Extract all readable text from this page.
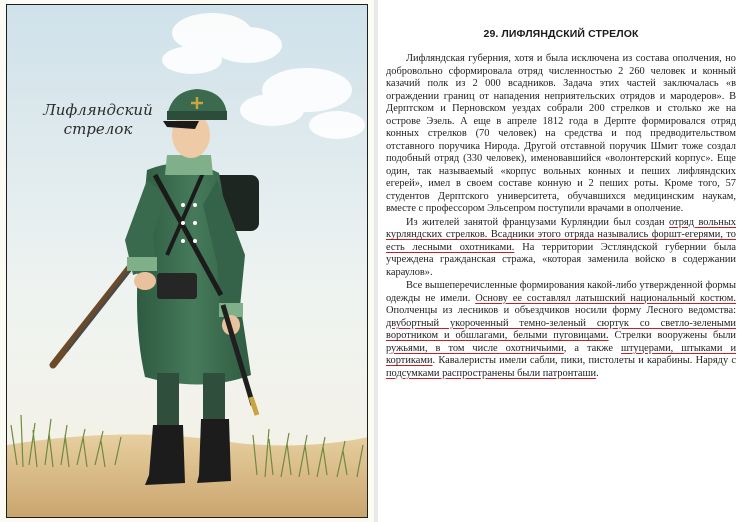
Лифляндский
стрелок
29. ЛИФЛЯНДСКИЙ СТРЕЛОК

Лифляндская губерния, хотя и была исключена из состава ополчения, но добровольно сформировала отряд численностью 2 260 человек и конный казачий полк из 2 000 всадников. Задача этих частей заключалась «в ограждении границ от нападения неприятельских отрядов и мародеров». В Дерптском и Перновском уездах собрали 200 стрелков и столько же на острове Эзель. А еще в апреле 1812 года в Дерпте формировался отряд конных стрелков (70 человек) на средства и под предводительством отставного поручика Нирода. Другой отставной поручик Шмит тоже создал подобный отряд (330 человек), именовавшийся «волонтерский корпус». Еще один, так называемый «корпус вольных конных и пеших лифляндских егерей», имел в своем составе конную и 2 пеших роты. Кроме того, 57 студентов Дерптского университета, обучавшихся медицинским наукам, вместе с профессором Эльсепром поступили врачами в ополчение.

Из жителей занятой французами Курляндии был создан отряд вольных курляндских стрелков. Всадники этого отряда назывались форшт-егерями, то есть лесными охотниками. На территории Эстляндской губернии была учреждена гражданская стража, «которая заменила войско в содержании караулов».

Все вышеперечисленные формирования какой-либо утвержденной формы одежды не имели. Основу ее составлял латышский национальный костюм. Ополченцы из лесников и объездчиков носили форму Лесного ведомства: двубортный укороченный темно-зеленый сюртук со светло-зелеными воротником и обшлагами, белыми пуговицами. Стрелки вооружены были ружьями, в том числе охотничьими, а также штуцерами, штыками и кортиками. Кавалеристы имели сабли, пики, пистолеты и карабины. Наряду с подсумками распространены были патронташи.
